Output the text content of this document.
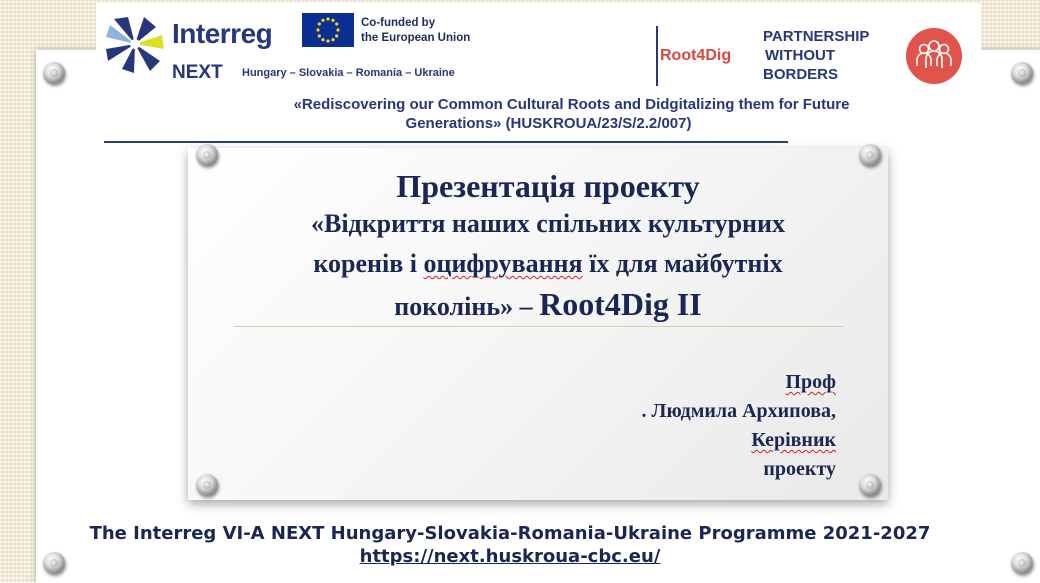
Interreg
NEXT Hungary – Slovakia – Romania – Ukraine
Co-funded by
the European Union
Root4Dig
PARTNERSHIP
WITHOUT
BORDERS
«Rediscovering our Common Cultural Roots and Didgitalizing them for Future
Generations» (HUSKROUA/23/S/2.2/007)
Презентація проекту
«Відкриття наших спільних культурних
коренів і оцифрування їх для майбутніх
поколінь» – Root4Dig II
Проф
. Людмила Архипова,
Керівник
проекту
The Interreg VI-A NEXT Hungary-Slovakia-Romania-Ukraine Programme 2021-2027
https://next.huskroua-cbc.eu/
